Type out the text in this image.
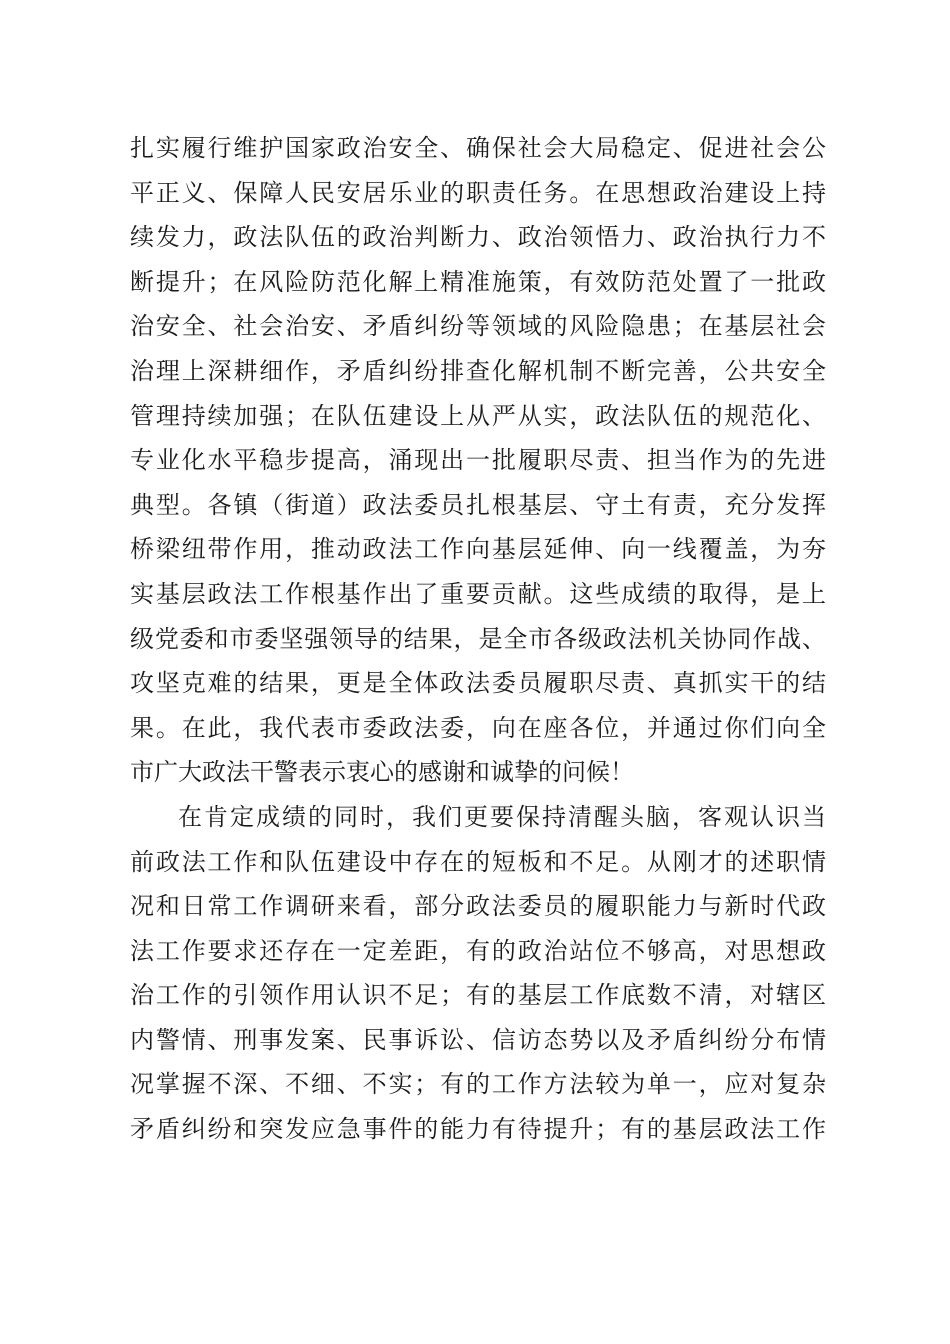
扎实履行维护国家政治安全、确保社会大局稳定、促进社会公
平正义、保障人民安居乐业的职责任务。在思想政治建设上持
续发力，政法队伍的政治判断力、政治领悟力、政治执行力不
断提升；在风险防范化解上精准施策，有效防范处置了一批政
治安全、社会治安、矛盾纠纷等领域的风险隐患；在基层社会
治理上深耕细作，矛盾纠纷排查化解机制不断完善，公共安全
管理持续加强；在队伍建设上从严从实，政法队伍的规范化、
专业化水平稳步提高，涌现出一批履职尽责、担当作为的先进
典型。各镇（街道）政法委员扎根基层、守土有责，充分发挥
桥梁纽带作用，推动政法工作向基层延伸、向一线覆盖，为夯
实基层政法工作根基作出了重要贡献。这些成绩的取得，是上
级党委和市委坚强领导的结果，是全市各级政法机关协同作战、
攻坚克难的结果，更是全体政法委员履职尽责、真抓实干的结
果。在此，我代表市委政法委，向在座各位，并通过你们向全
市广大政法干警表示衷心的感谢和诚挚的问候！
在肯定成绩的同时，我们更要保持清醒头脑，客观认识当
前政法工作和队伍建设中存在的短板和不足。从刚才的述职情
况和日常工作调研来看，部分政法委员的履职能力与新时代政
法工作要求还存在一定差距，有的政治站位不够高，对思想政
治工作的引领作用认识不足；有的基层工作底数不清，对辖区
内警情、刑事发案、民事诉讼、信访态势以及矛盾纠纷分布情
况掌握不深、不细、不实；有的工作方法较为单一，应对复杂
矛盾纠纷和突发应急事件的能力有待提升；有的基层政法工作
